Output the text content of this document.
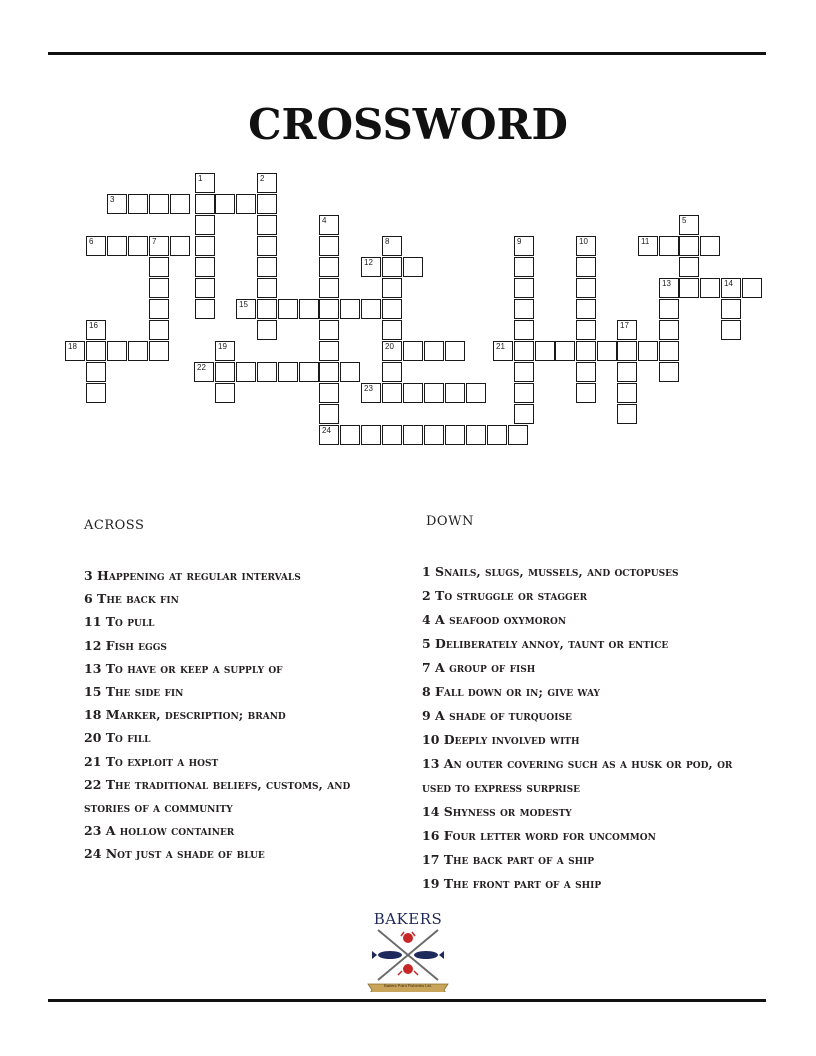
CROSSWORD
1	2
3
4	5
6	7	8	9	10	11
12
13	14
15
16	17
18	19	20	21
22
23
24
ACROSS
3 Happening at regular intervals
6 The back fin
11 To pull
12 Fish eggs
13 To have or keep a supply of
15 The side fin
18 Marker, description; brand
20 To fill
21 To exploit a host
22 The traditional beliefs, customs, and
stories of a community
23 A hollow container
24 Not just a shade of blue
DOWN
1 Snails, slugs, mussels, and octopuses
2 To struggle or stagger
4 A seafood oxymoron
5 Deliberately annoy, taunt or entice
7 A group of fish
8 Fall down or in; give way
9 A shade of turquoise
10 Deeply involved with
13 An outer covering such as a husk or pod, or
used to express surprise
14 Shyness or modesty
16 Four letter word for uncommon
17 The back part of a ship
19 The front part of a ship
BAKERS
Bakers Point Fisheries Ltd.
